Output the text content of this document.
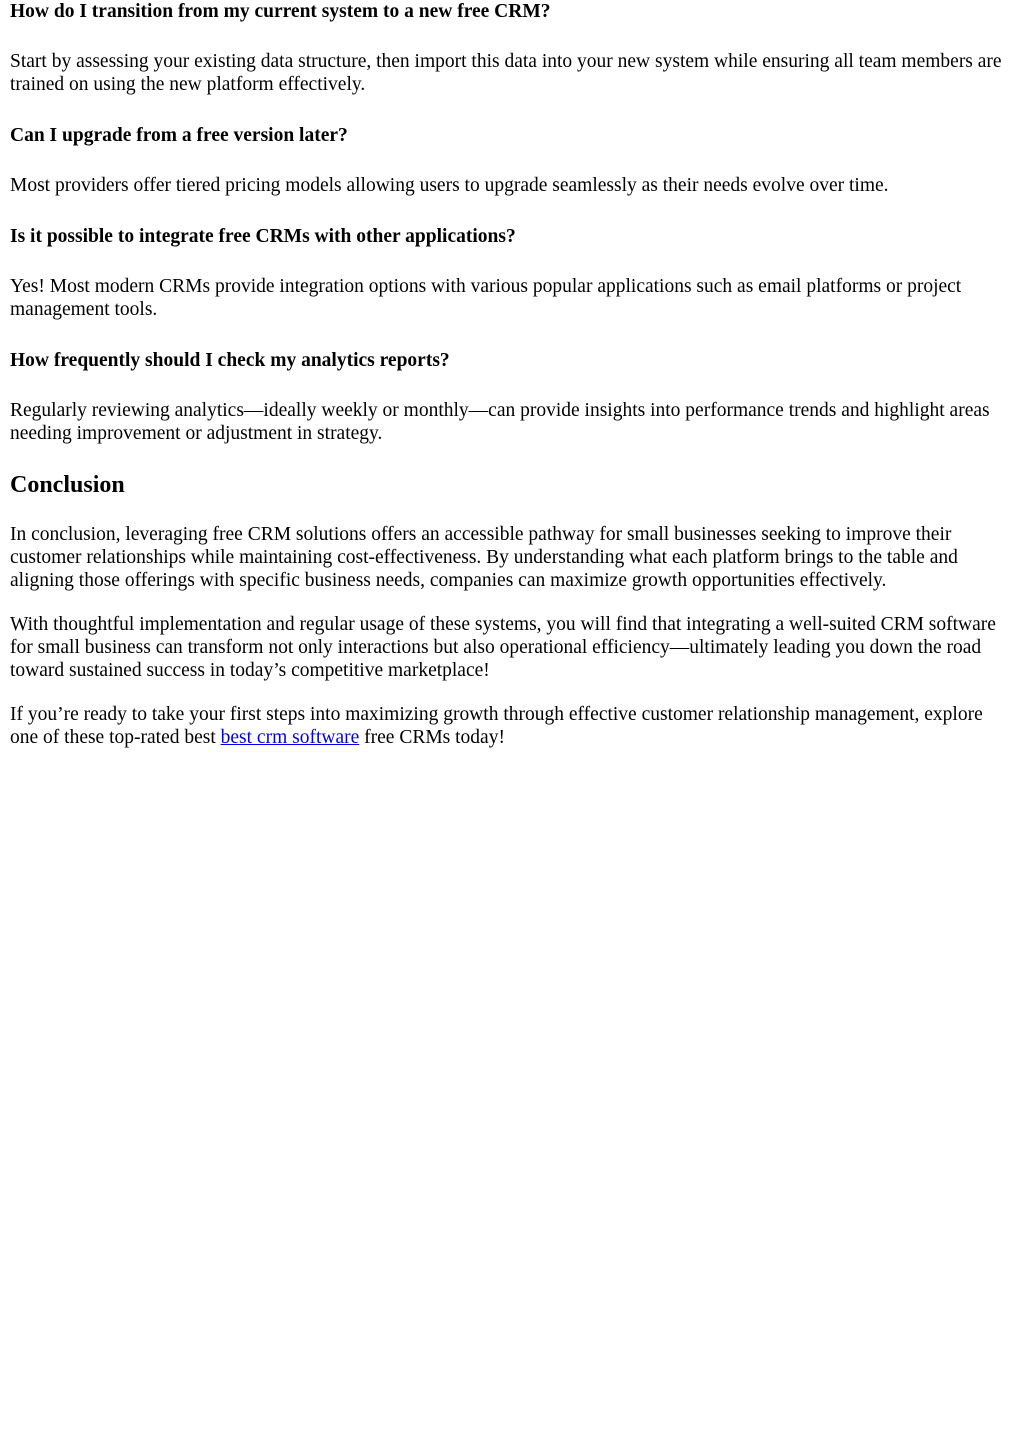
How do I transition from my current system to a new free CRM?

Start by assessing your existing data structure, then import this data into your new system while ensuring all team members are trained on using the new platform effectively.

Can I upgrade from a free version later?

Most providers offer tiered pricing models allowing users to upgrade seamlessly as their needs evolve over time.

Is it possible to integrate free CRMs with other applications?

Yes! Most modern CRMs provide integration options with various popular applications such as email platforms or project management tools.

How frequently should I check my analytics reports?

Regularly reviewing analytics—ideally weekly or monthly—can provide insights into performance trends and highlight areas needing improvement or adjustment in strategy.

Conclusion

In conclusion, leveraging free CRM solutions offers an accessible pathway for small businesses seeking to improve their customer relationships while maintaining cost-effectiveness. By understanding what each platform brings to the table and aligning those offerings with specific business needs, companies can maximize growth opportunities effectively.

With thoughtful implementation and regular usage of these systems, you will find that integrating a well-suited CRM software for small business can transform not only interactions but also operational efficiency—ultimately leading you down the road toward sustained success in today’s competitive marketplace!

If you’re ready to take your first steps into maximizing growth through effective customer relationship management, explore one of these top-rated best best crm software free CRMs today!
